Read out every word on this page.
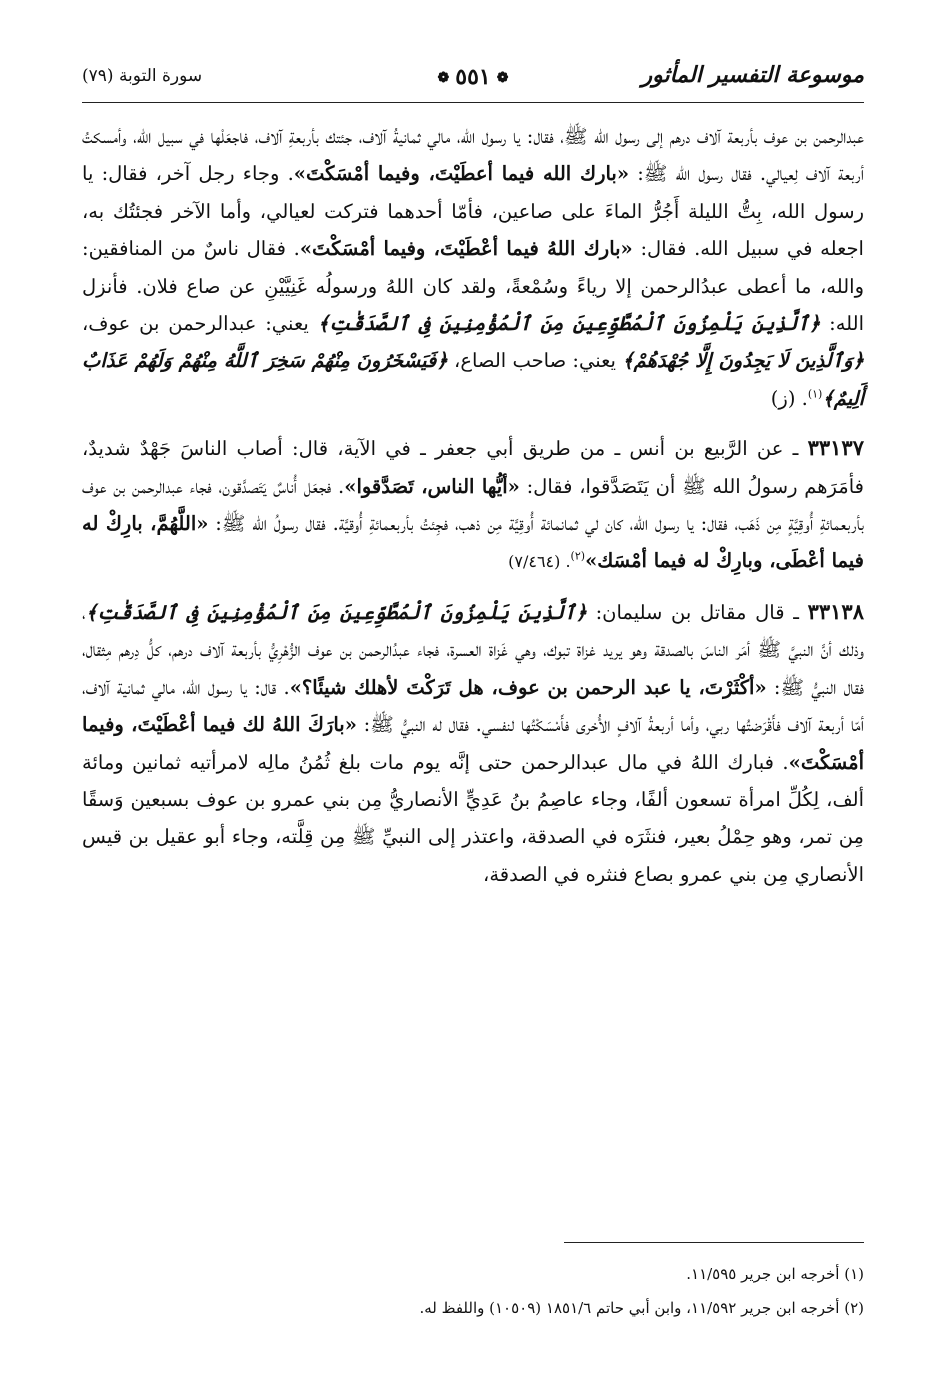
موسوعة التفسير المأثور
❁٥٥١❁
سورة التوبة (٧٩)

عبدالرحمن بن عوف بأربعة آلاف درهم إلى رسول الله ﷺ، فقال: يا رسول الله، مالي ثمانيةُ آلاف، جئتك بأربعةِ آلاف، فاجعَلْها في سبيل الله، وأمسكتُ أربعة آلاف لِعيالي. فقال رسول الله ﷺ: «بارك الله فيما أعطَيْتَ، وفيما أمْسَكْتَ». وجاء رجل آخر، فقال: يا رسول الله، بِتُّ الليلة أَجُرُّ الماءَ على صاعين، فأمّا أحدهما فتركت لعيالي، وأما الآخر فجئتُك به، اجعله في سبيل الله. فقال: «بارك اللهُ فيما أعْطَيْتَ، وفيما أمْسَكْتَ». فقال ناسٌ من المنافقين: والله، ما أعطى عبدُالرحمن إلا رياءً وسُمْعةً، ولقد كان اللهُ ورسولُه غَنِيَّيْنِ عن صاع فلان. فأنزل الله: ﴿ٱلَّذِينَ يَلْمِزُونَ ٱلْمُطَّوِّعِينَ مِنَ ٱلْمُؤْمِنِينَ فِى ٱلصَّدَقَٰتِ﴾ يعني: عبدالرحمن بن عوف، ﴿وَٱلَّذِينَ لَا يَجِدُونَ إِلَّا جُهْدَهُمْ﴾ يعني: صاحب الصاع، ﴿فَيَسْخَرُونَ مِنْهُمْ سَخِرَ ٱللَّهُ مِنْهُمْ وَلَهُمْ عَذَابٌ أَلِيمٌ﴾$^{(١)}$. (ز)

٣٣١٣٧ ـ عن الرَّبيع بن أنس ـ من طريق أبي جعفر ـ في الآية، قال: أصاب الناسَ جَهْدٌ شديدٌ، فأمَرَهم رسولُ الله ﷺ أن يَتَصَدَّقوا، فقال: «أيُّها الناس، تَصَدَّقوا». فجعَل أُناسٌ يَتَصدَّقون، فجاء عبدالرحمن بن عوف بأربعمائةِ أُوقِيَّةٍ مِن ذَهَب، فقال: يا رسول الله، كان لي ثمانمائة أُوقِيَّة مِن ذهب، فجِئتُ بأربعمائةِ أُوقيَّة. فقال رسولُ الله ﷺ: «اللَّهُمَّ، بارِكْ له فيما أعْطَى، وبارِكْ له فيما أمْسَك»$^{(٢)}$. (٧/٤٦٤)

٣٣١٣٨ ـ قال مقاتل بن سليمان: ﴿ٱلَّذِينَ يَلْمِزُونَ ٱلْمُطَّوِّعِينَ مِنَ ٱلْمُؤْمِنِينَ فِى ٱلصَّدَقَٰتِ﴾، وذلك أنَّ النبيَّ ﷺ أمَر الناسَ بالصدقة وهو يريد غزاة تبوك، وهي غَزاة العسرة، فجاء عبدُالرحمن بن عوف الزُّهْرِيُّ بأربعة آلاف درهم، كلُّ دِرهم مِثقال، فقال النبيُّ ﷺ: «أكْثَرْتَ، يا عبد الرحمن بن عوف، هل تَرَكْتَ لأهلك شيئًا؟». قال: يا رسول الله، مالي ثمانية آلاف، أمّا أربعة آلاف فأَقْرَضتُها ربي، وأما أربعةُ آلافٍ الأُخرى فأَمْسَكْتُها لنفسي. فقال له النبيُّ ﷺ: «بارَكَ اللهُ لك فيما أعْطَيْتَ، وفيما أمْسَكْتَ». فبارك اللهُ في مال عبدالرحمن حتى إنَّه يوم مات بلغ ثُمُنُ مالِه لامرأتيه ثمانين ومائة ألف، لِكُلِّ امرأة تسعون ألفًا، وجاء عاصِمُ بنُ عَدِيٍّ الأنصاريُّ مِن بني عمرو بن عوف بسبعين وَسقًا مِن تمر، وهو حِمْلُ بعير، فنثَرَه في الصدقة، واعتذر إلى النبيِّ ﷺ مِن قِلَّته، وجاء أبو عقيل بن قيس الأنصاري مِن بني عمرو بصاع فنثره في الصدقة،

(١) أخرجه ابن جرير ١١/٥٩٥.

(٢) أخرجه ابن جرير ١١/٥٩٢، وابن أبي حاتم ١٨٥١/٦ (١٠٥٠٩) واللفظ له.
